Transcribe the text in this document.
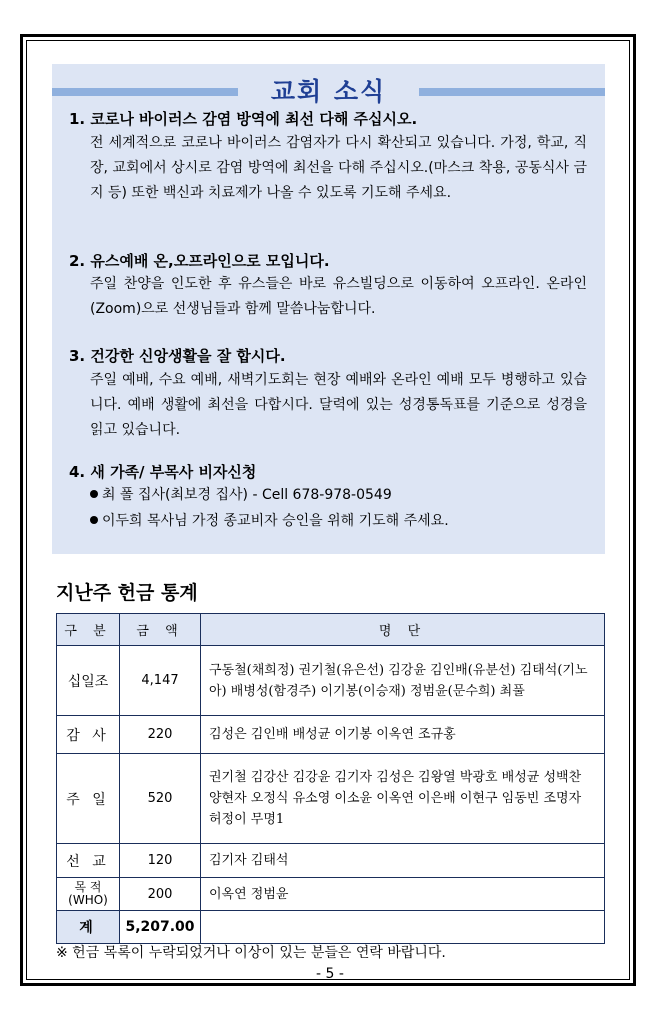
교회 소식
1. 코로나 바이러스 감염 방역에 최선 다해 주십시오.
전 세계적으로 코로나 바이러스 감염자가 다시 확산되고 있습니다. 가정, 학교, 직장, 교회에서 상시로 감염 방역에 최선을 다해 주십시오.(마스크 착용, 공동식사 금지 등) 또한 백신과 치료제가 나올 수 있도록 기도해 주세요.
2. 유스예배 온,오프라인으로 모입니다.
주일 찬양을 인도한 후 유스들은 바로 유스빌딩으로 이동하여 오프라인. 온라인(Zoom)으로 선생님들과 함께 말씀나눔합니다.
3. 건강한 신앙생활을 잘 합시다.
주일 예배, 수요 예배, 새벽기도회는 현장 예배와 온라인 예배 모두 병행하고 있습니다. 예배 생활에 최선을 다합시다. 달력에 있는 성경통독표를 기준으로 성경을 읽고 있습니다.
4. 새 가족/ 부목사 비자신청
최 폴 집사(최보경 집사) - Cell 678-978-0549
이두희 목사님 가정 종교비자 승인을 위해 기도해 주세요.
지난주 헌금 통계
구 분	금 액	명 단
십일조	4,147	구동철(채희정) 권기철(유은선) 김강윤 김인배(유분선) 김태석(기노아) 배병성(함경주) 이기봉(이승재) 정범윤(문수희) 최풀
감 사	220	김성은 김인배 배성균 이기봉 이옥연 조규홍
주 일	520	권기철 김강산 김강윤 김기자 김성은 김왕열 박광호 배성균 성백찬 양현자 오정식 유소영 이소윤 이옥연 이은배 이현구 임동빈 조명자 허정이 무명1
선 교	120	김기자 김태석
목 적 (WHO)	200	이옥연 정범윤
계	5,207.00	
※ 헌금 목록이 누락되었거나 이상이 있는 분들은 연락 바랍니다.
- 5 -
